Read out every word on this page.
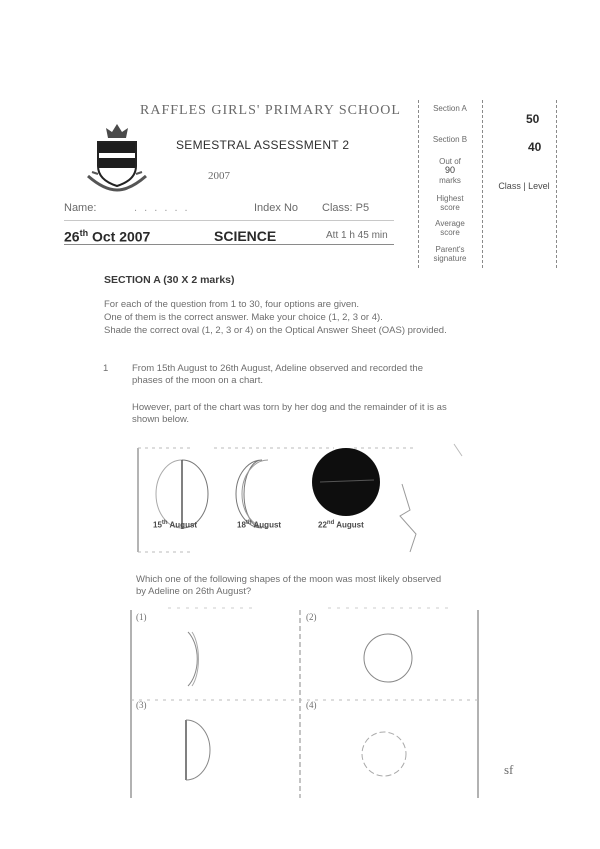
RAFFLES GIRLS' PRIMARY SCHOOL
SEMESTRAL ASSESSMENT 2
2007
Name:	. . . . . .	Index No Class: P5
26th Oct 2007	SCIENCE	Att 1 h 45 min
Section A
50
Section B
40
Out of
90
marks
Class | Level
Highest
score
Average
score
Parent's
signature
SECTION A (30 X 2 marks)
For each of the question from 1 to 30, four options are given.
One of them is the correct answer. Make your choice (1, 2, 3 or 4).
Shade the correct oval (1, 2, 3 or 4) on the Optical Answer Sheet (OAS) provided.
1 From 15th August to 26th August, Adeline observed and recorded the
phases of the moon on a chart.
However, part of the chart was torn by her dog and the remainder of it is as
shown below.
15th August	18th August	22nd August
Which one of the following shapes of the moon was most likely observed
by Adeline on 26th August?
(1)	(2)
(3)	(4)
sf
